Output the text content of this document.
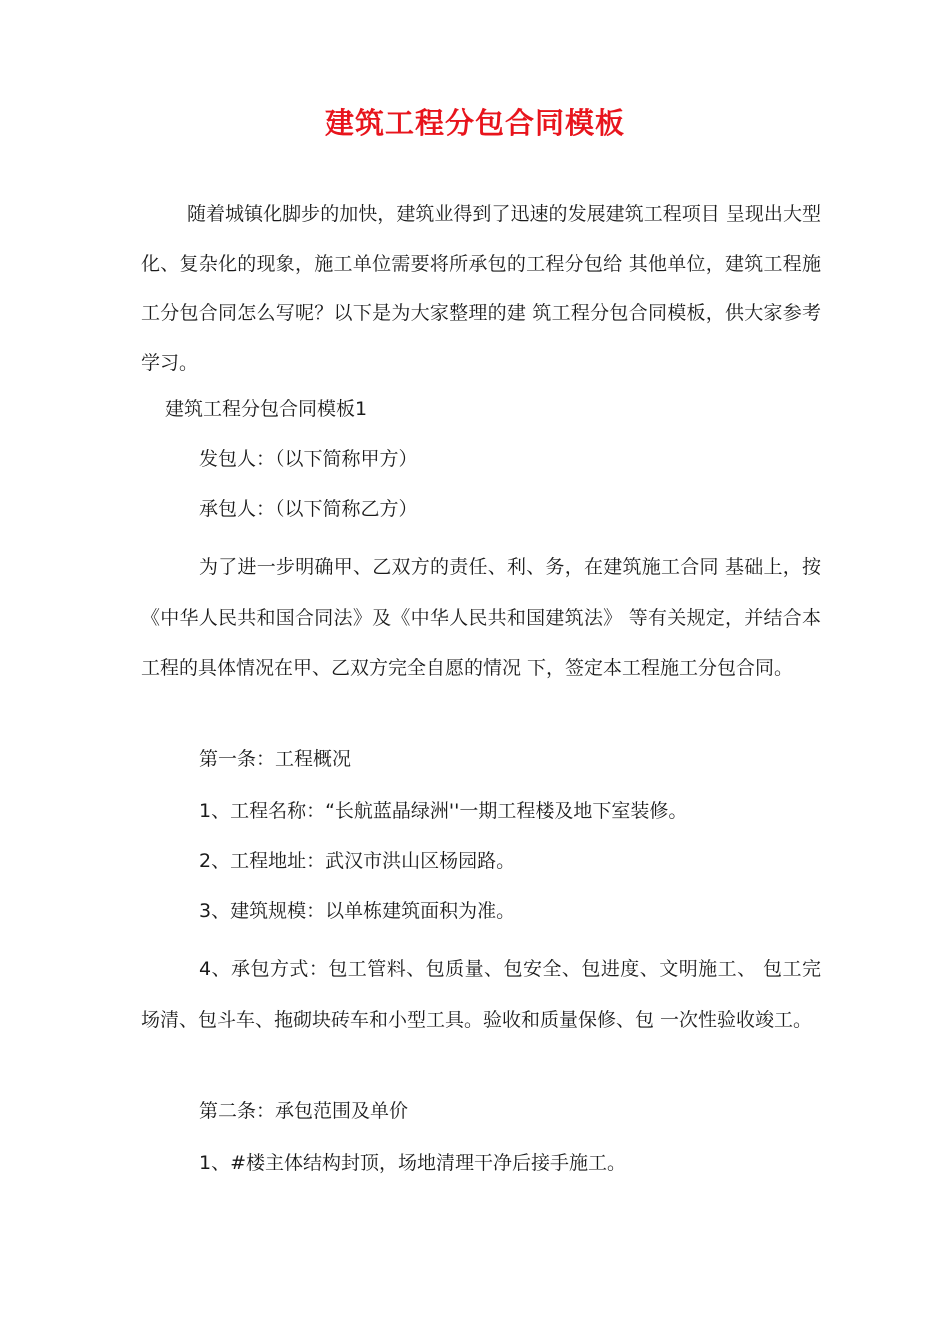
建筑工程分包合同模板

随着城镇化脚步的加快，建筑业得到了迅速的发展建筑工程项目 呈现出大型化、复杂化的现象，施工单位需要将所承包的工程分包给 其他单位，建筑工程施工分包合同怎么写呢？以下是为大家整理的建 筑工程分包合同模板，供大家参考学习。

建筑工程分包合同模板1
发包人：（以下简称甲方）
承包人：（以下简称乙方）

为了进一步明确甲、乙双方的责任、利、务，在建筑施工合同 基础上，按《中华人民共和国合同法》及《中华人民共和国建筑法》 等有关规定，并结合本工程的具体情况在甲、乙双方完全自愿的情况 下，签定本工程施工分包合同。

第一条：工程概况
1、工程名称：“长航蓝晶绿洲''一期工程楼及地下室装修。
2、工程地址：武汉市洪山区杨园路。
3、建筑规模：以单栋建筑面积为准。

4、承包方式：包工管料、包质量、包安全、包进度、文明施工、 包工完场清、包斗车、拖砌块砖车和小型工具。验收和质量保修、包 一次性验收竣工。

第二条：承包范围及单价
1、#楼主体结构封顶，场地清理干净后接手施工。
